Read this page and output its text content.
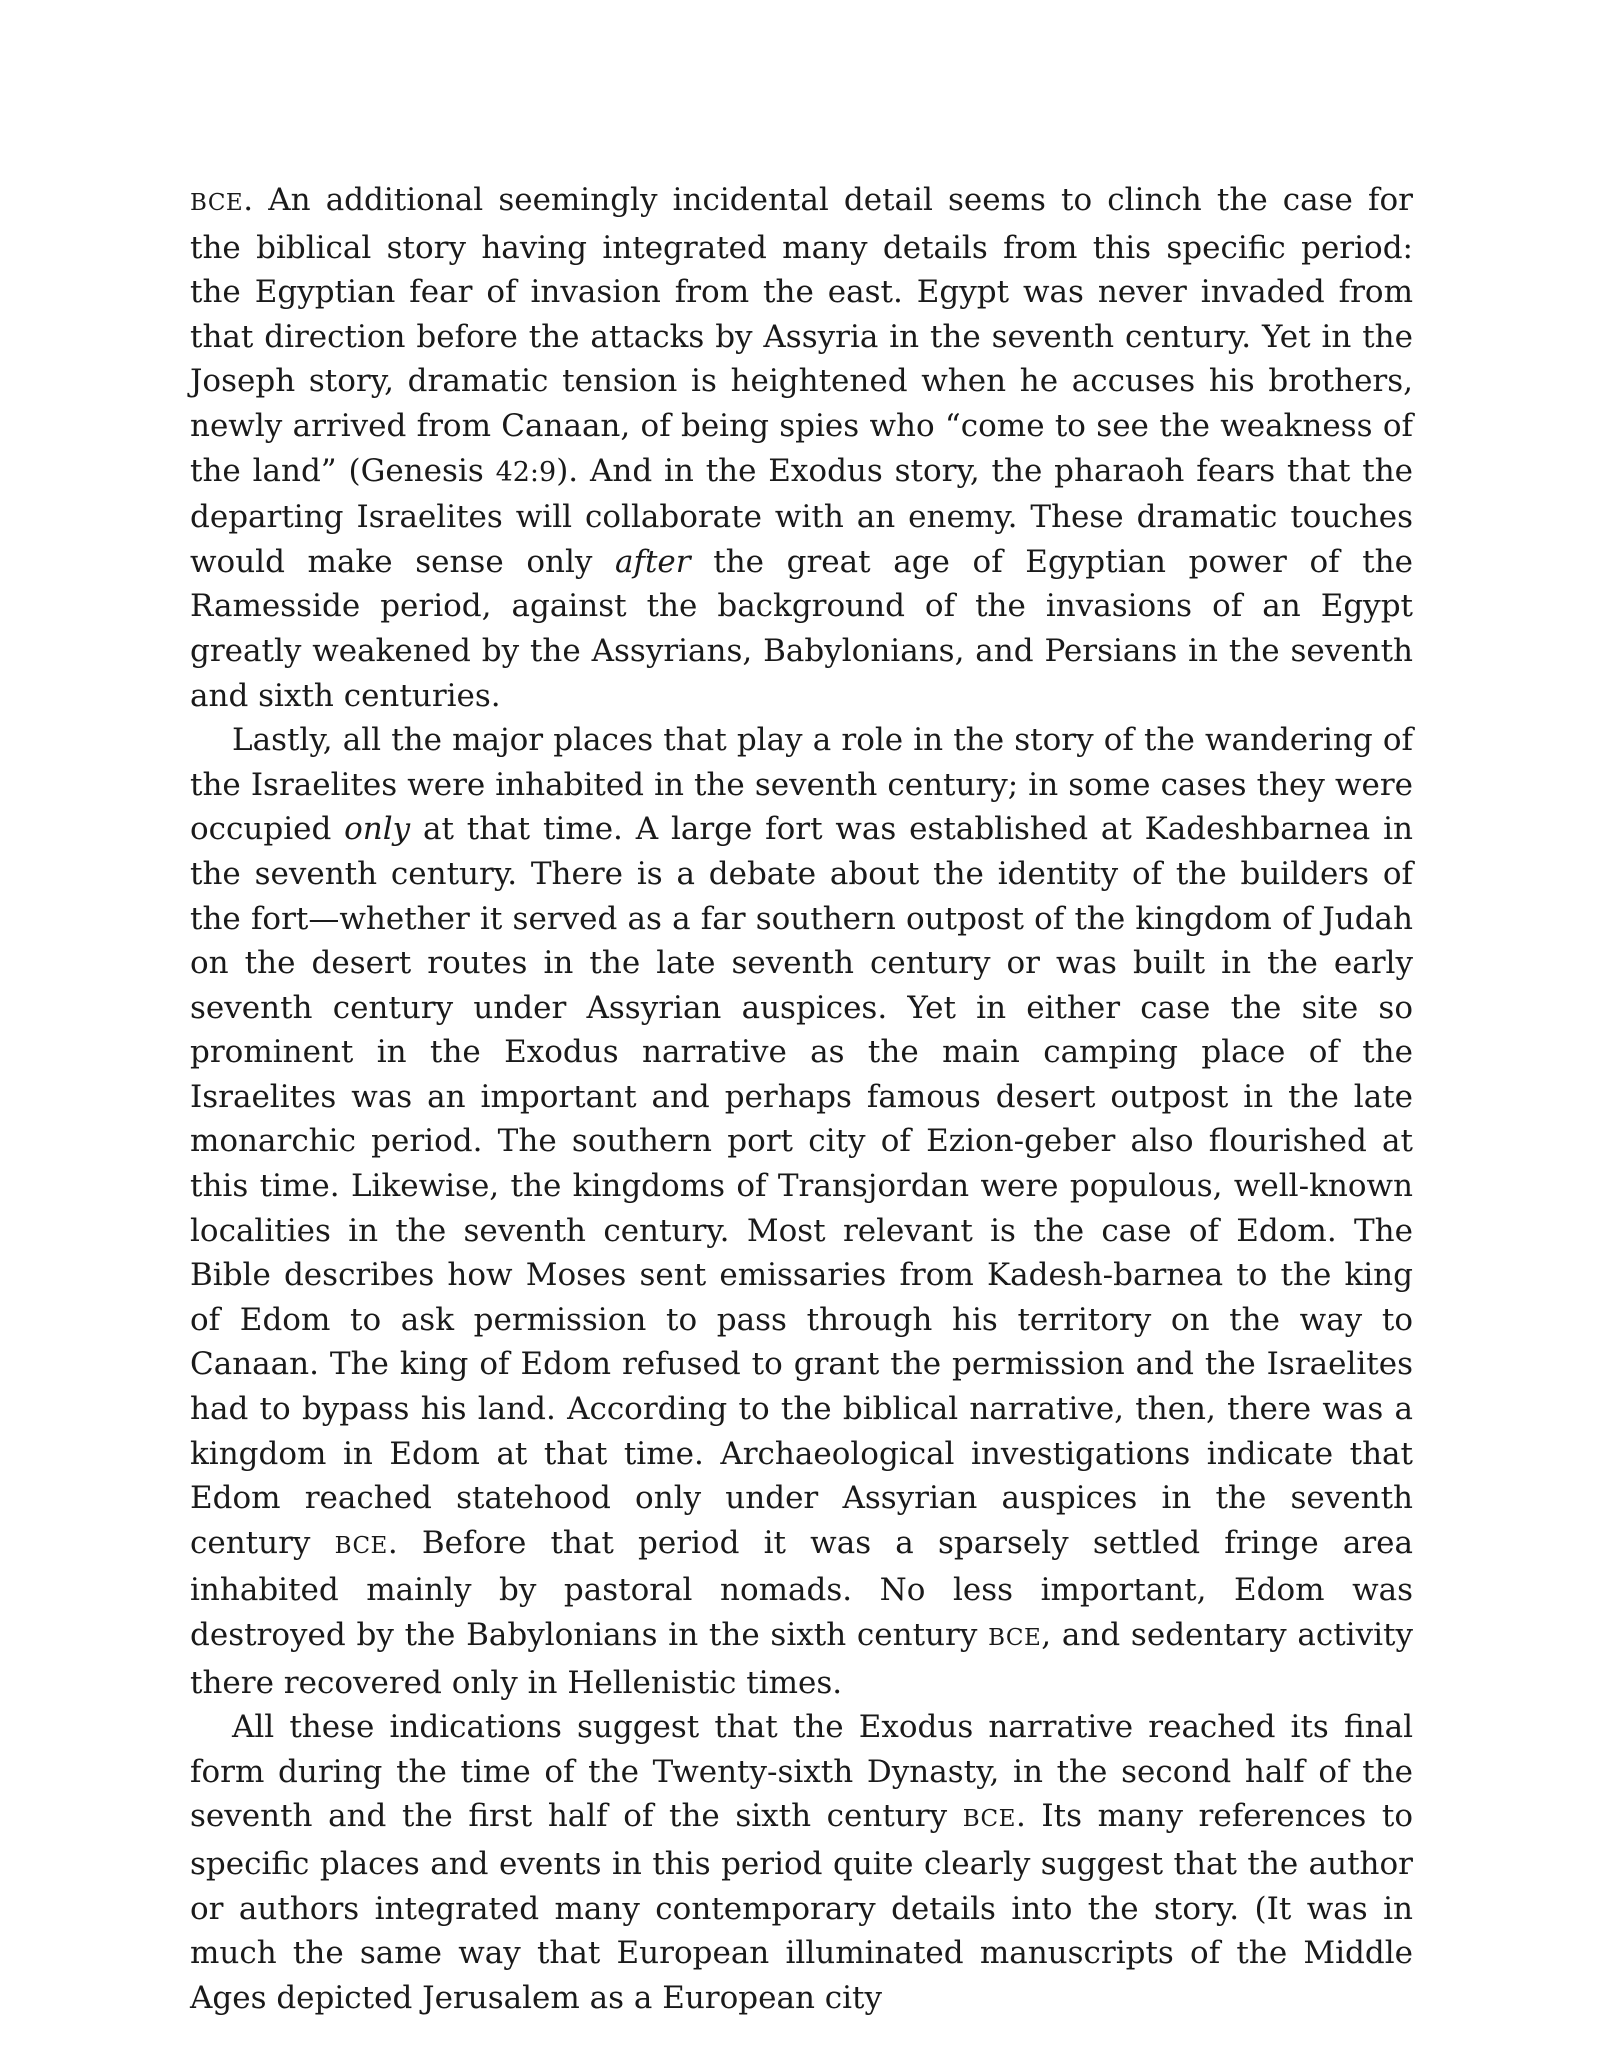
BCE. An additional seemingly incidental detail seems to clinch the case for the biblical story having integrated many details from this specific period: the Egyptian fear of invasion from the east. Egypt was never invaded from that direction before the attacks by Assyria in the seventh century. Yet in the Joseph story, dramatic tension is heightened when he accuses his brothers, newly arrived from Canaan, of being spies who “come to see the weakness of the land” (Genesis 42:9). And in the Exodus story, the pharaoh fears that the departing Israelites will collaborate with an enemy. These dramatic touches would make sense only after the great age of Egyptian power of the Ramesside period, against the background of the invasions of an Egypt greatly weakened by the Assyrians, Babylonians, and Persians in the seventh and sixth centuries.

Lastly, all the major places that play a role in the story of the wandering of the Israelites were inhabited in the seventh century; in some cases they were occupied only at that time. A large fort was established at Kadeshbarnea in the seventh century. There is a debate about the identity of the builders of the fort—whether it served as a far southern outpost of the kingdom of Judah on the desert routes in the late seventh century or was built in the early seventh century under Assyrian auspices. Yet in either case the site so prominent in the Exodus narrative as the main camping place of the Israelites was an important and perhaps famous desert outpost in the late monarchic period. The southern port city of Ezion-geber also flourished at this time. Likewise, the kingdoms of Transjordan were populous, well-known localities in the seventh century. Most relevant is the case of Edom. The Bible describes how Moses sent emissaries from Kadesh-barnea to the king of Edom to ask permission to pass through his territory on the way to Canaan. The king of Edom refused to grant the permission and the Israelites had to bypass his land. According to the biblical narrative, then, there was a kingdom in Edom at that time. Archaeological investigations indicate that Edom reached statehood only under Assyrian auspices in the seventh century BCE. Before that period it was a sparsely settled fringe area inhabited mainly by pastoral nomads. No less important, Edom was destroyed by the Babylonians in the sixth century BCE, and sedentary activity there recovered only in Hellenistic times.

All these indications suggest that the Exodus narrative reached its final form during the time of the Twenty-sixth Dynasty, in the second half of the seventh and the first half of the sixth century BCE. Its many references to specific places and events in this period quite clearly suggest that the author or authors integrated many contemporary details into the story. (It was in much the same way that European illuminated manuscripts of the Middle Ages depicted Jerusalem as a European city
